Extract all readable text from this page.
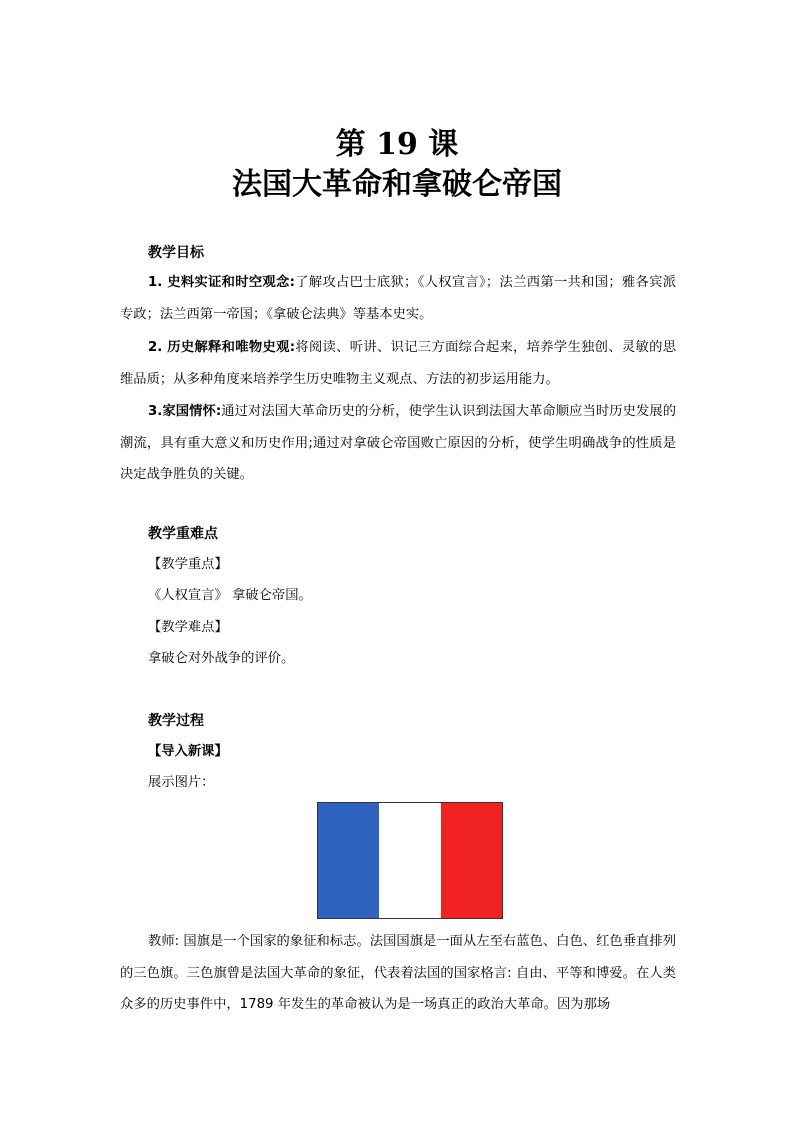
第 19 课
法国大革命和拿破仑帝国

教学目标

1. 史料实证和时空观念:了解攻占巴士底狱；《人权宣言》；法兰西第一共和国；雅各宾派专政；法兰西第一帝国；《拿破仑法典》等基本史实。

2. 历史解释和唯物史观:将阅读、听讲、识记三方面综合起来，培养学生独创、灵敏的思维品质；从多种角度来培养学生历史唯物主义观点、方法的初步运用能力。

3.家国情怀:通过对法国大革命历史的分析，使学生认识到法国大革命顺应当时历史发展的潮流，具有重大意义和历史作用;通过对拿破仑帝国败亡原因的分析，使学生明确战争的性质是决定战争胜负的关键。

教学重难点

【教学重点】

《人权宣言》 拿破仑帝国。

【教学难点】

拿破仑对外战争的评价。

教学过程

【导入新课】

展示图片：

教师: 国旗是一个国家的象征和标志。法国国旗是一面从左至右蓝色、白色、红色垂直排列的三色旗。三色旗曾是法国大革命的象征，代表着法国的国家格言: 自由、平等和博爱。在人类众多的历史事件中，1789 年发生的革命被认为是一场真正的政治大革命。因为那场
